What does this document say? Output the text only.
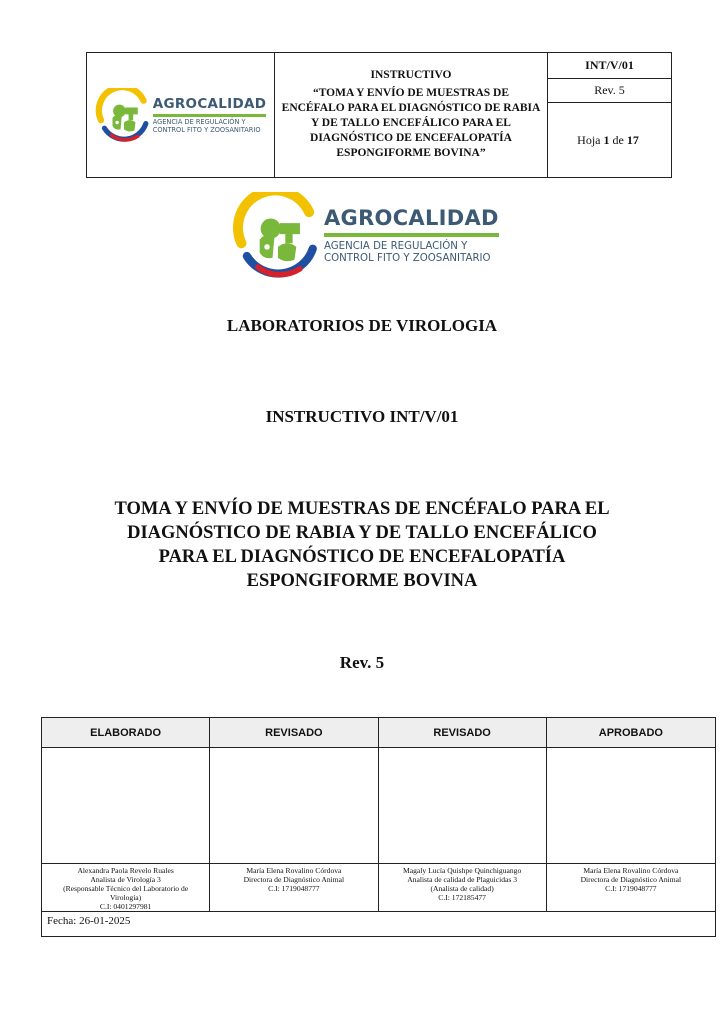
AGROCALIDAD
AGENCIA DE REGULACIÓN Y
CONTROL FITO Y ZOOSANITARIO
INSTRUCTIVO
“TOMA Y ENVÍO DE MUESTRAS DE ENCÉFALO PARA EL DIAGNÓSTICO DE RABIA Y DE TALLO ENCEFÁLICO PARA EL DIAGNÓSTICO DE ENCEFALOPATÍA ESPONGIFORME BOVINA”
INT/V/01
Rev. 5
Hoja 1 de 17
AGROCALIDAD
AGENCIA DE REGULACIÓN Y
CONTROL FITO Y ZOOSANITARIO
LABORATORIOS DE VIROLOGIA
INSTRUCTIVO INT/V/01
TOMA Y ENVÍO DE MUESTRAS DE ENCÉFALO PARA EL
DIAGNÓSTICO DE RABIA Y DE TALLO ENCEFÁLICO
PARA EL DIAGNÓSTICO DE ENCEFALOPATÍA
ESPONGIFORME BOVINA
Rev. 5
ELABORADO	REVISADO	REVISADO	APROBADO
Alexandra Paola Revelo Ruales
Analista de Virología 3
(Responsable Técnico del Laboratorio de
Virología)
C.I: 0401297981
María Elena Rovalino Córdova
Directora de Diagnóstico Animal
C.I: 1719048777
Magaly Lucía Quishpe Quinchiguango
Analista de calidad de Plaguicidas 3
(Analista de calidad)
C.I: 172185477
María Elena Rovalino Córdova
Directora de Diagnóstico Animal
C.I: 1719048777
Fecha: 26-01-2025
